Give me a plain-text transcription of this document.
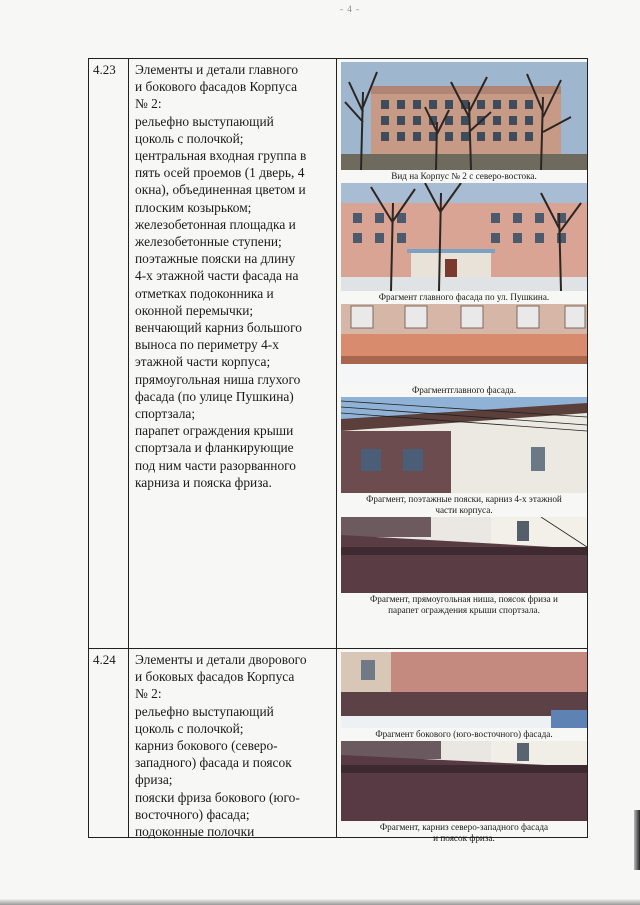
- 4 -
4.23	Элементы и детали главного
и бокового фасадов Корпуса
№ 2:
рельефно выступающий
цоколь с полочкой;
центральная входная группа в
пять осей проемов (1 дверь, 4
окна), объединенная цветом и
плоским козырьком;
железобетонная площадка и
железобетонные ступени;
поэтажные пояски на длину
4-х этажной части фасада на
отметках подоконника и
оконной перемычки;
венчающий карниз большого
выноса по периметру 4-х
этажной части корпуса;
прямоугольная ниша глухого
фасада (по улице Пушкина)
спортзала;
парапет ограждения крыши
спортзала и фланкирующие
под ним части разорванного
карниза и пояска фриза.
Вид на Корпус № 2 с северо-востока.
Фрагмент главного фасада по ул. Пушкина.
Фрагментглавного фасада.
Фрагмент, поэтажные пояски, карниз 4-х этажной
части корпуса.
Фрагмент, прямоугольная ниша, поясок фриза и
парапет ограждения крыши спортзала.
4.24	Элементы и детали дворового
и боковых фасадов Корпуса
№ 2:
рельефно выступающий
цоколь с полочкой;
карниз бокового (северо-
западного) фасада и поясок
фриза;
пояски фриза бокового (юго-
восточного) фасада;
подоконные полочки
Фрагмент бокового (юго-восточного) фасада.
Фрагмент, карниз северо-западного фасада
и поясок фриза.
